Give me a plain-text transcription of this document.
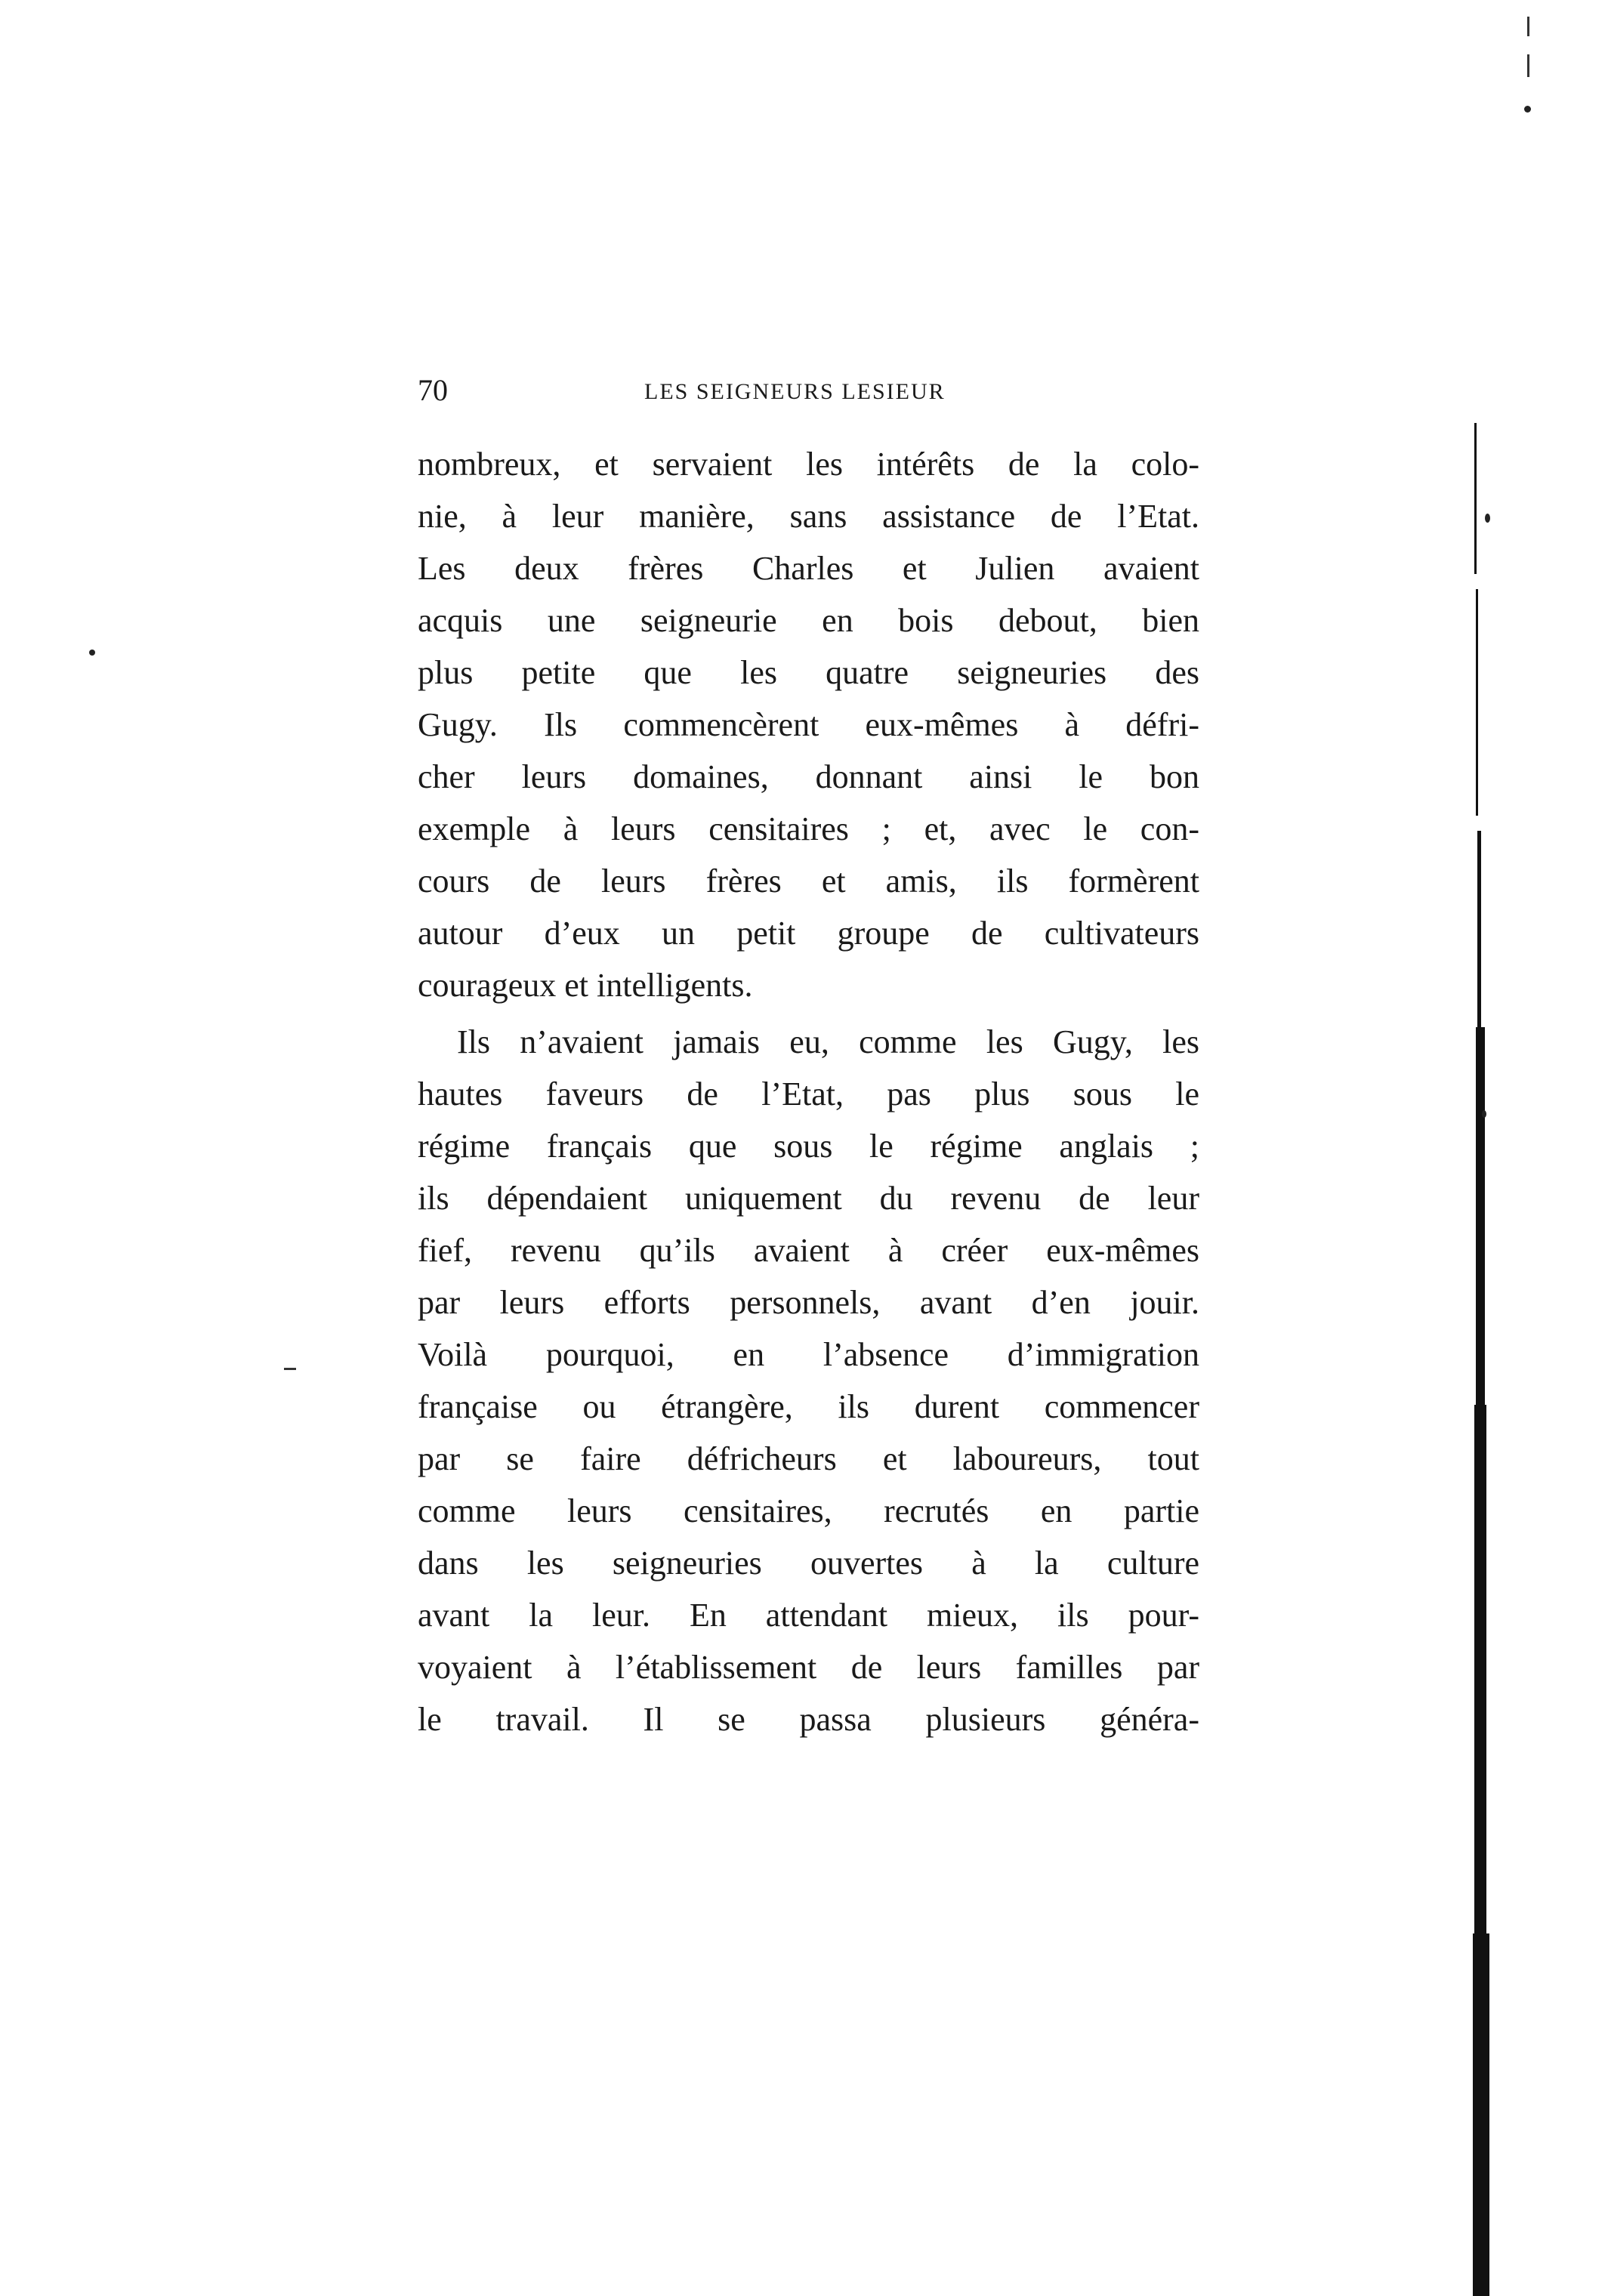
70	LES SEIGNEURS LESIEUR
nombreux, et servaient les intérêts de la colo-
nie, à leur manière, sans assistance de l’Etat.
Les deux frères Charles et Julien avaient
acquis une seigneurie en bois debout, bien
plus petite que les quatre seigneuries des
Gugy. Ils commencèrent eux-mêmes à défri-
cher leurs domaines, donnant ainsi le bon
exemple à leurs censitaires ; et, avec le con-
cours de leurs frères et amis, ils formèrent
autour d’eux un petit groupe de cultivateurs
courageux et intelligents.
Ils n’avaient jamais eu, comme les Gugy, les
hautes faveurs de l’Etat, pas plus sous le
régime français que sous le régime anglais ;
ils dépendaient uniquement du revenu de leur
fief, revenu qu’ils avaient à créer eux-mêmes
par leurs efforts personnels, avant d’en jouir.
Voilà pourquoi, en l’absence d’immigration
française ou étrangère, ils durent commencer
par se faire défricheurs et laboureurs, tout
comme leurs censitaires, recrutés en partie
dans les seigneuries ouvertes à la culture
avant la leur. En attendant mieux, ils pour-
voyaient à l’établissement de leurs familles par
le travail. Il se passa plusieurs généra-
